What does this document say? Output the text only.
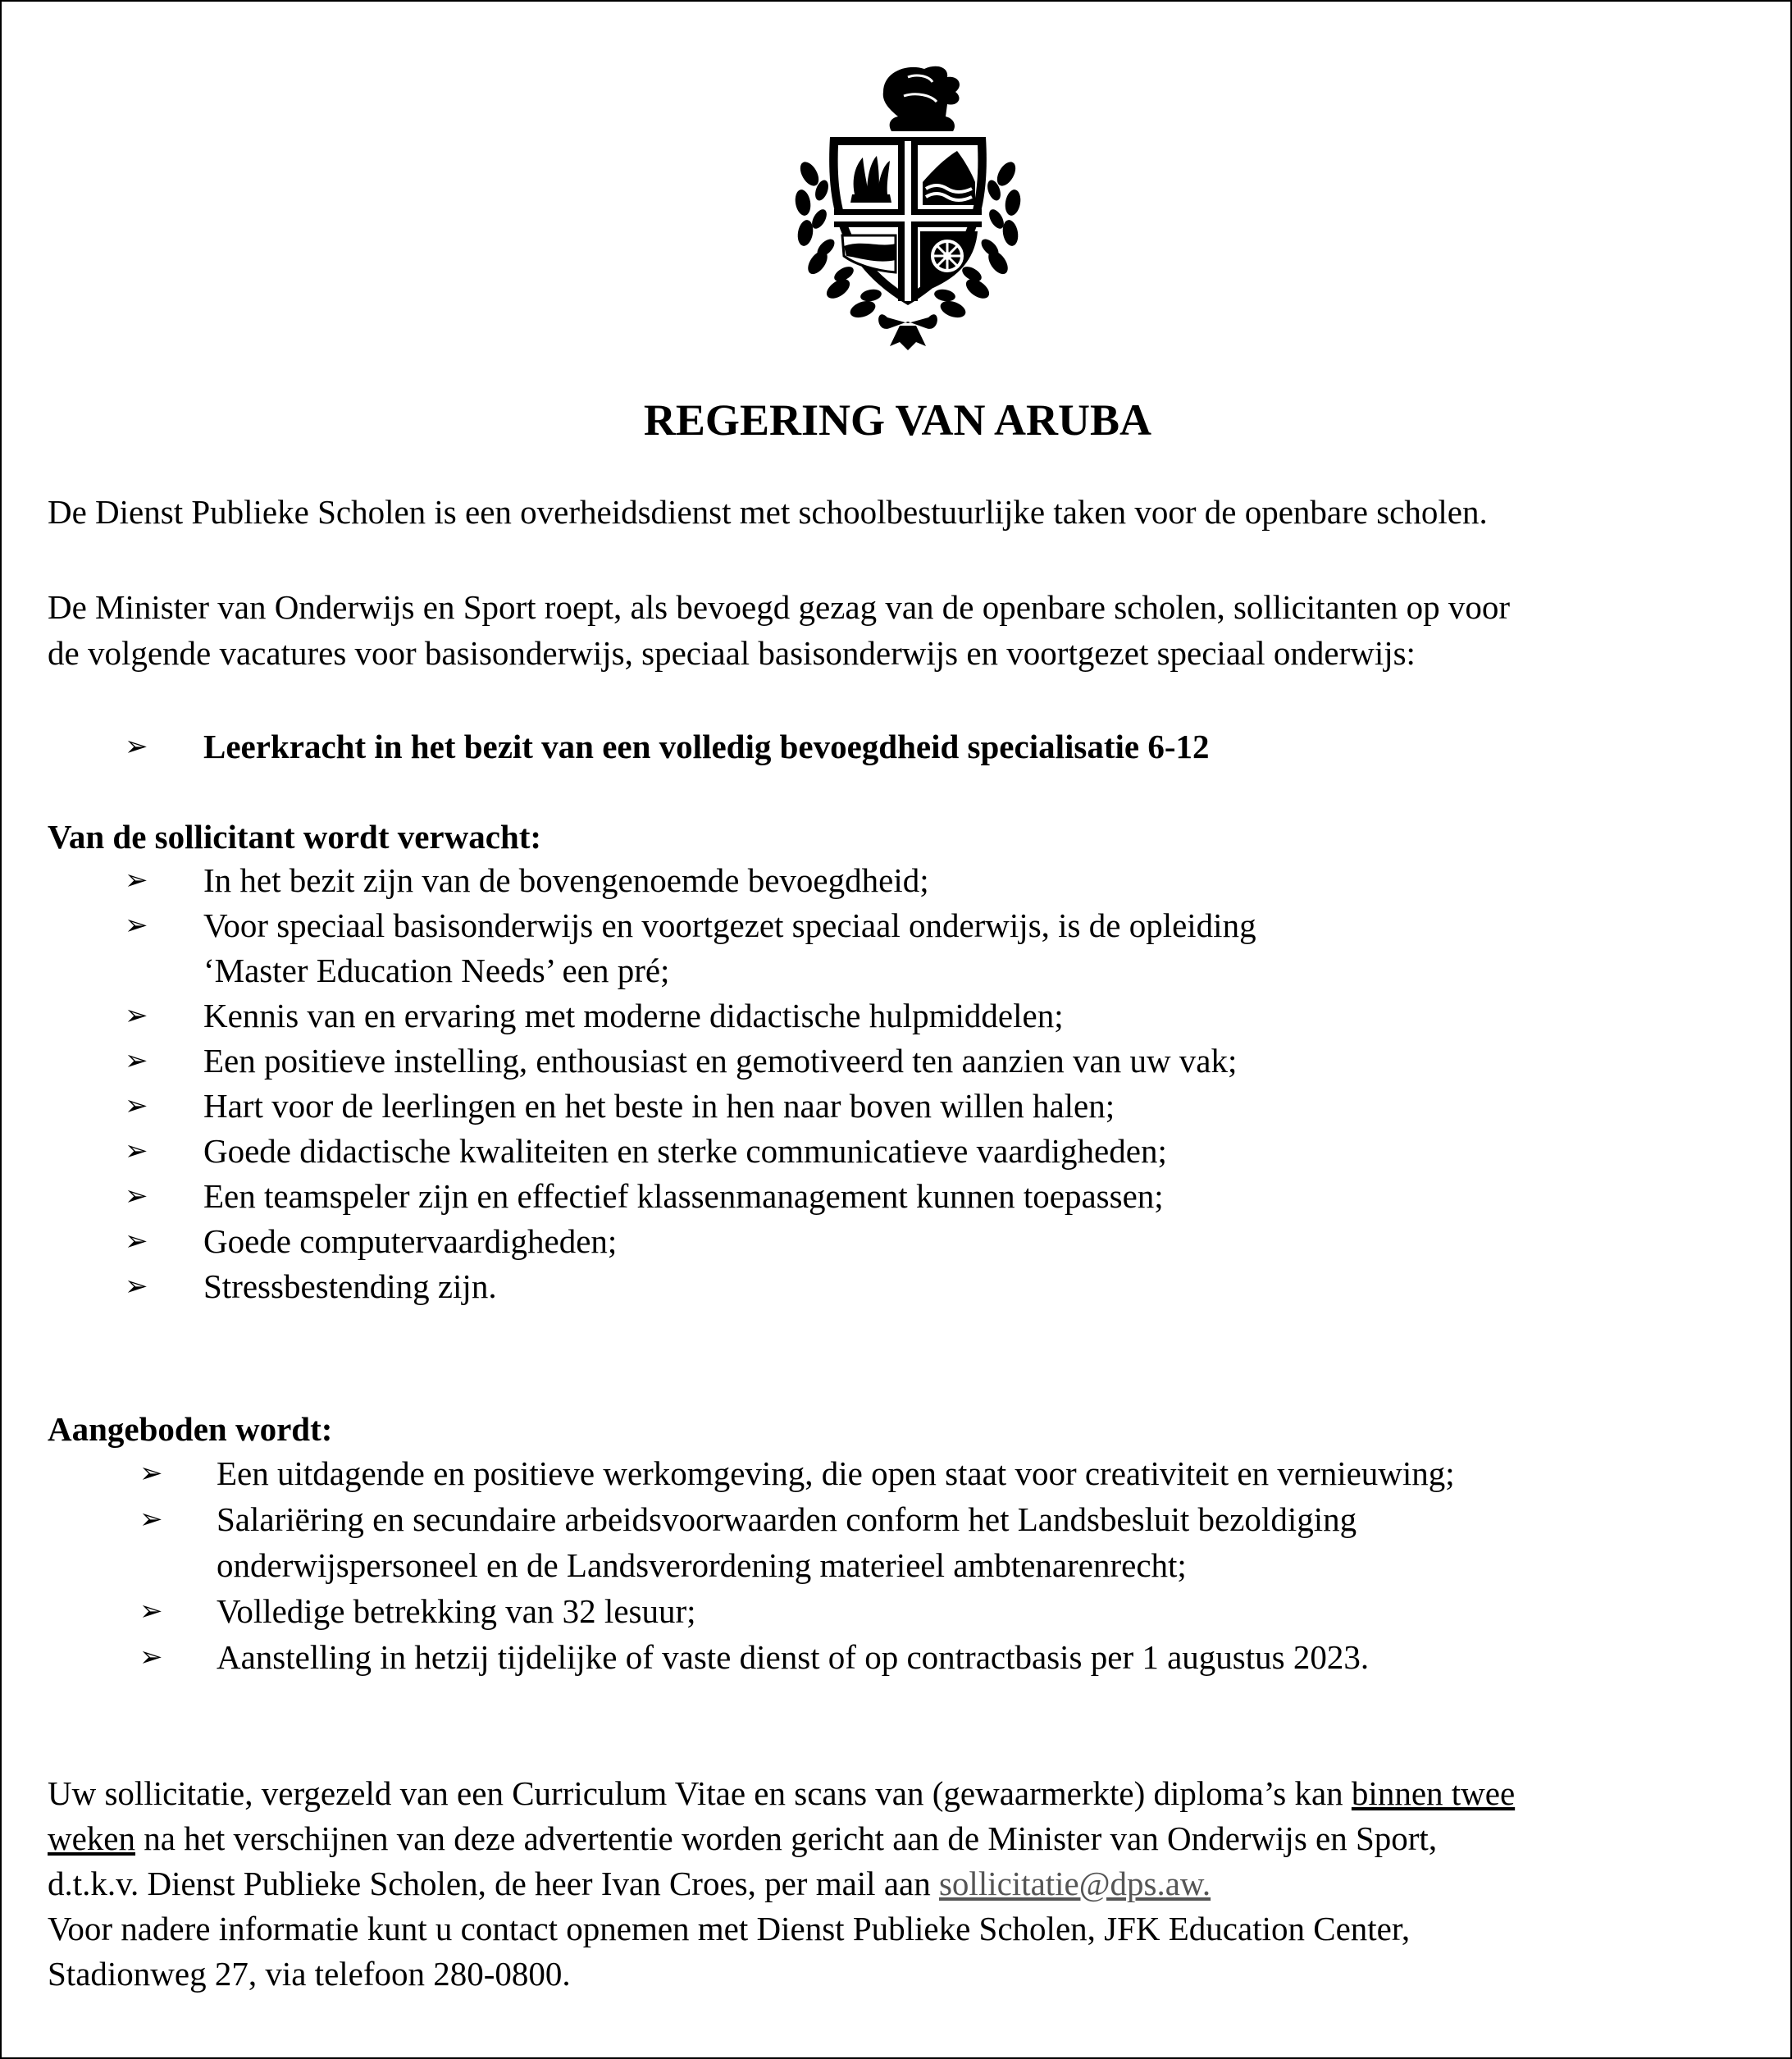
REGERING VAN ARUBA

De Dienst Publieke Scholen is een overheidsdienst met schoolbestuurlijke taken voor de openbare scholen.

De Minister van Onderwijs en Sport roept, als bevoegd gezag van de openbare scholen, sollicitanten op voor

de volgende vacatures voor basisonderwijs, speciaal basisonderwijs en voortgezet speciaal onderwijs:

➢ Leerkracht in het bezit van een volledig bevoegdheid specialisatie 6-12

Van de sollicitant wordt verwacht:

➢ In het bezit zijn van de bovengenoemde bevoegdheid;

➢ Voor speciaal basisonderwijs en voortgezet speciaal onderwijs, is de opleiding

‘Master Education Needs’ een pré;

➢ Kennis van en ervaring met moderne didactische hulpmiddelen;

➢ Een positieve instelling, enthousiast en gemotiveerd ten aanzien van uw vak;

➢ Hart voor de leerlingen en het beste in hen naar boven willen halen;

➢ Goede didactische kwaliteiten en sterke communicatieve vaardigheden;

➢ Een teamspeler zijn en effectief klassenmanagement kunnen toepassen;

➢ Goede computervaardigheden;

➢ Stressbestending zijn.

Aangeboden wordt:

➢ Een uitdagende en positieve werkomgeving, die open staat voor creativiteit en vernieuwing;

➢ Salariëring en secundaire arbeidsvoorwaarden conform het Landsbesluit bezoldiging

onderwijspersoneel en de Landsverordening materieel ambtenarenrecht;

➢ Volledige betrekking van 32 lesuur;

➢ Aanstelling in hetzij tijdelijke of vaste dienst of op contractbasis per 1 augustus 2023.

Uw sollicitatie, vergezeld van een Curriculum Vitae en scans van (gewaarmerkte) diploma’s kan binnen twee

weken na het verschijnen van deze advertentie worden gericht aan de Minister van Onderwijs en Sport,

d.t.k.v. Dienst Publieke Scholen, de heer Ivan Croes, per mail aan sollicitatie@dps.aw.

Voor nadere informatie kunt u contact opnemen met Dienst Publieke Scholen, JFK Education Center,

Stadionweg 27, via telefoon 280-0800.
